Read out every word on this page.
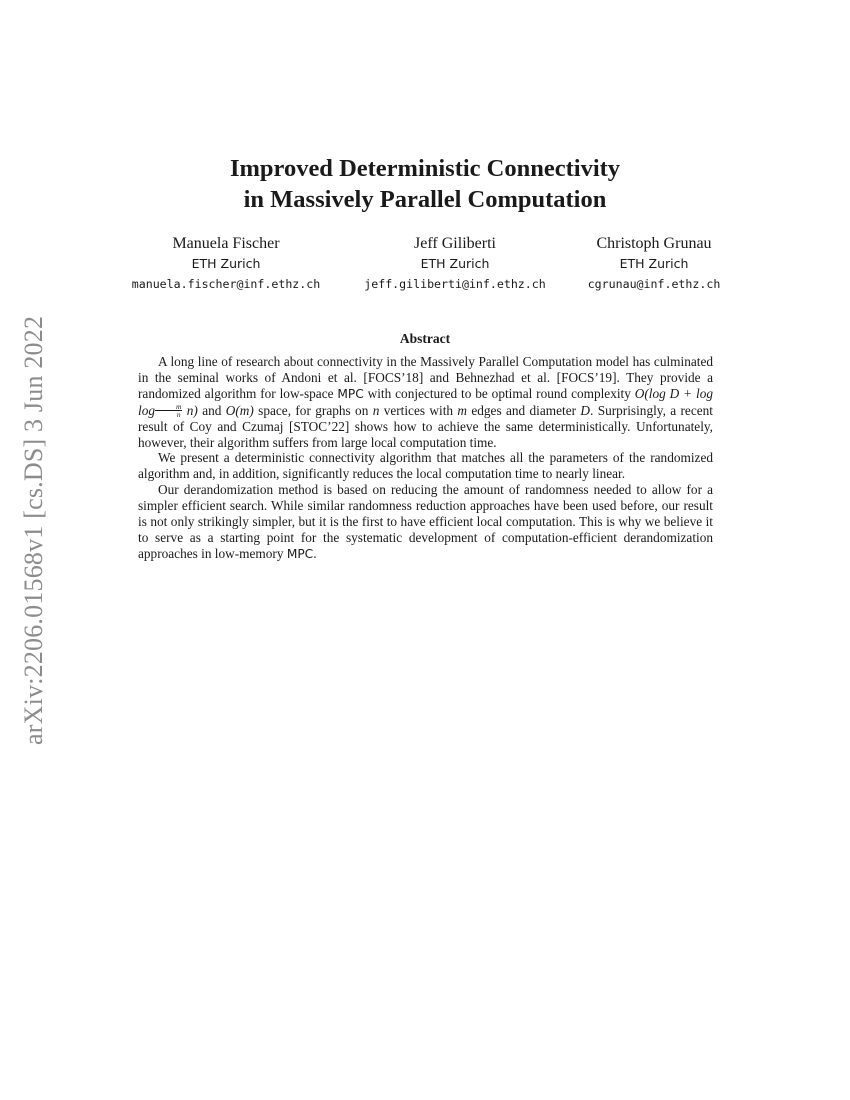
arXiv:2206.01568v1 [cs.DS] 3 Jun 2022
Improved Deterministic Connectivity
in Massively Parallel Computation
Manuela Fischer
ETH Zurich
manuela.fischer@inf.ethz.ch
Jeff Giliberti
ETH Zurich
jeff.giliberti@inf.ethz.ch
Christoph Grunau
ETH Zurich
cgrunau@inf.ethz.ch
Abstract

A long line of research about connectivity in the Massively Parallel Computation model has culminated in the seminal works of Andoni et al. [FOCS’18] and Behnezhad et al. [FOCS’19]. They provide a randomized algorithm for low-space MPC with conjectured to be optimal round complexity O(log $D + \log \log \frac{m}{n} n$) and O(m) space, for graphs on n vertices with m edges and diameter D. Surprisingly, a recent result of Coy and Czumaj [STOC’22] shows how to achieve the same deterministically. Unfortunately, however, their algorithm suffers from large local computation time.

We present a deterministic connectivity algorithm that matches all the parameters of the randomized algorithm and, in addition, significantly reduces the local computation time to nearly linear.

Our derandomization method is based on reducing the amount of randomness needed to allow for a simpler efficient search. While similar randomness reduction approaches have been used before, our result is not only strikingly simpler, but it is the first to have efficient local computation. This is why we believe it to serve as a starting point for the systematic development of computation-efficient derandomization approaches in low-memory MPC.
